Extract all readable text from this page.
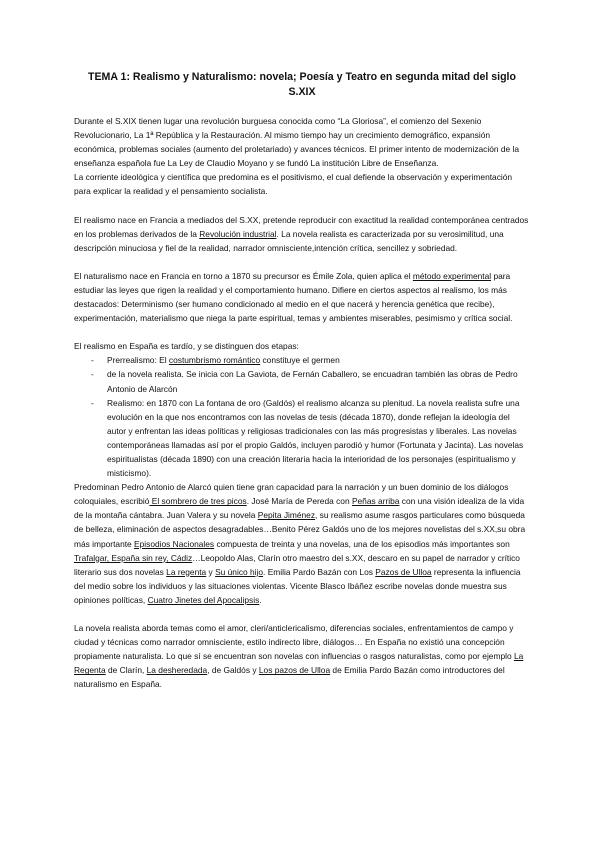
TEMA 1: Realismo y Naturalismo: novela; Poesía y Teatro en segunda mitad del siglo S.XIX

Durante el S.XIX tienen lugar una revolución burguesa conocida como “La Gloriosa”, el comienzo del Sexenio Revolucionario, La 1ª República y la Restauración. Al mismo tiempo hay un crecimiento demográfico, expansión económica, problemas sociales (aumento del proletariado) y avances técnicos. El primer intento de modernización de la enseñanza española fue La Ley de Claudio Moyano y se fundó La institución Libre de Enseñanza.

La corriente ideológica y científica que predomina es el positivismo, el cual defiende la observación y experimentación para explicar la realidad y el pensamiento socialista.

El realismo nace en Francia a mediados del S.XX, pretende reproducir con exactitud la realidad contemporánea centrados en los problemas derivados de la Revolución industrial. La novela realista es caracterizada por su verosimilitud, una descripción minuciosa y fiel de la realidad, narrador omnisciente,intención crítica, sencillez y sobriedad.

El naturalismo nace en Francia en torno a 1870 su precursor es Émile Zola, quien aplica el método experimental para estudiar las leyes que rigen la realidad y el comportamiento humano. Difiere en ciertos aspectos al realismo, los más destacados: Determinismo (ser humano condicionado al medio en el que nacerá y herencia genética que recibe), experimentación, materialismo que niega la parte espiritual, temas y ambientes miserables, pesimismo y crítica social.

El realismo en España es tardío, y se distinguen dos etapas:

- Prerrealismo: El costumbrismo romántico constituye el germen
- de la novela realista. Se inicia con La Gaviota, de Fernán Caballero, se encuadran también las obras de Pedro Antonio de Alarcón
- Realismo: en 1870 con La fontana de oro (Galdós) el realismo alcanza su plenitud. La novela realista sufre una evolución en la que nos encontramos con las novelas de tesis (década 1870), donde reflejan la ideología del autor y enfrentan las ideas políticas y religiosas tradicionales con las más progresistas y liberales. Las novelas contemporáneas llamadas así por el propio Galdós, incluyen parodió y humor (Fortunata y Jacinta). Las novelas espiritualistas (década 1890) con una creación literaria hacia la interioridad de los personajes (espiritualismo y misticismo).

Predominan Pedro Antonio de Alarcó quien tiene gran capacidad para la narración y un buen dominio de los diálogos coloquiales, escribió El sombrero de tres picos. José María de Pereda con Peñas arriba con una visión idealiza de la vida de la montaña cántabra. Juan Valera y su novela Pepita Jiménez, su realismo asume rasgos particulares como búsqueda de belleza, eliminación de aspectos desagradables…Benito Pérez Galdós uno de los mejores novelistas del s.XX,su obra más importante Episodios Nacionales compuesta de treinta y una novelas, una de los episodios más importantes son Trafalgar, España sin rey, Cádiz…Leopoldo Alas, Clarín otro maestro del s.XX, descaro en su papel de narrador y crítico literario sus dos novelas La regenta y Su único hijo. Emilia Pardo Bazán con Los Pazos de Ulloa representa la influencia del medio sobre los individuos y las situaciones violentas. Vicente Blasco Ibáñez escribe novelas donde muestra sus opiniones políticas, Cuatro Jinetes del Apocalipsis.

La novela realista aborda temas como el amor, cleri/anticlericalismo, diferencias sociales, enfrentamientos de campo y ciudad y técnicas como narrador omnisciente, estilo indirecto libre, diálogos… En España no existió una concepción propiamente naturalista. Lo que sí se encuentran son novelas con influencias o rasgos naturalistas, como por ejemplo La Regenta de Clarín, La desheredada, de Galdós y Los pazos de Ulloa de Emilia Pardo Bazán como introductores del naturalismo en España.
